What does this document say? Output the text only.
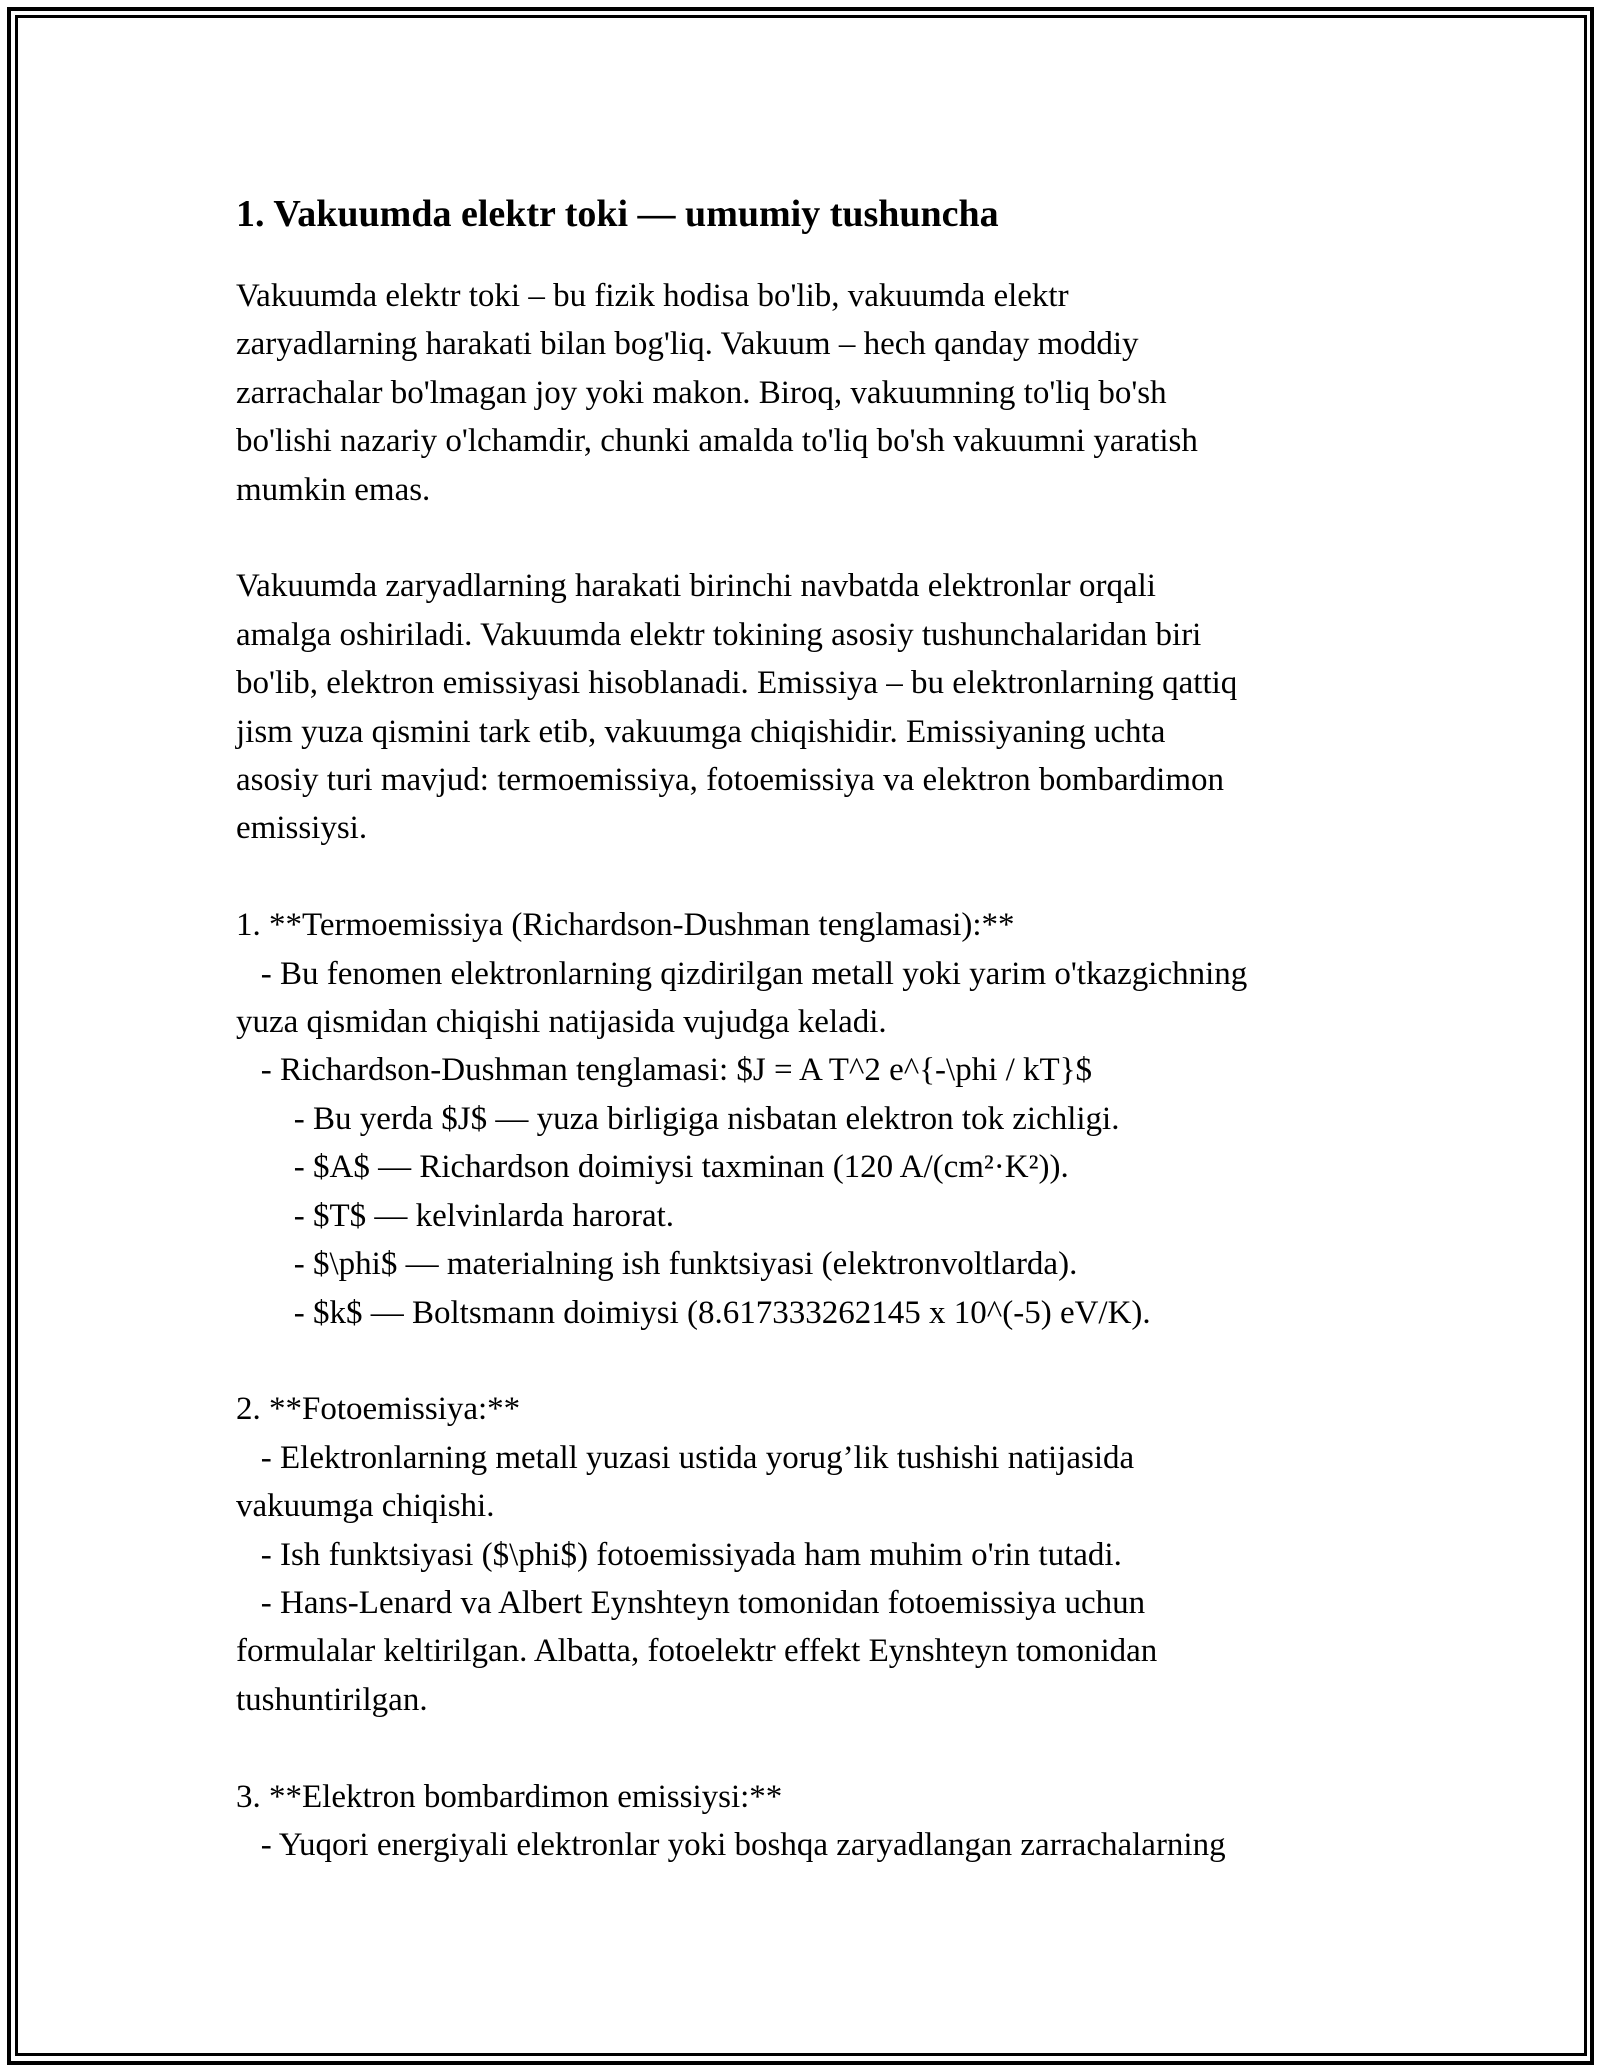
1. Vakuumda elektr toki — umumiy tushuncha
Vakuumda elektr toki – bu fizik hodisa bo'lib, vakuumda elektr
zaryadlarning harakati bilan bog'liq. Vakuum – hech qanday moddiy
zarrachalar bo'lmagan joy yoki makon. Biroq, vakuumning to'liq bo'sh
bo'lishi nazariy o'lchamdir, chunki amalda to'liq bo'sh vakuumni yaratish
mumkin emas.
Vakuumda zaryadlarning harakati birinchi navbatda elektronlar orqali
amalga oshiriladi. Vakuumda elektr tokining asosiy tushunchalaridan biri
bo'lib, elektron emissiyasi hisoblanadi. Emissiya – bu elektronlarning qattiq
jism yuza qismini tark etib, vakuumga chiqishidir. Emissiyaning uchta
asosiy turi mavjud: termoemissiya, fotoemissiya va elektron bombardimon
emissiysi.
1. **Termoemissiya (Richardson-Dushman tenglamasi):**
- Bu fenomen elektronlarning qizdirilgan metall yoki yarim o'tkazgichning
yuza qismidan chiqishi natijasida vujudga keladi.
- Richardson-Dushman tenglamasi: $J = A T^2 e^{-\phi / kT}$
- Bu yerda $J$ — yuza birligiga nisbatan elektron tok zichligi.
- $A$ — Richardson doimiysi taxminan (120 A/(cm²·K²)).
- $T$ — kelvinlarda harorat.
- $\phi$ — materialning ish funktsiyasi (elektronvoltlarda).
- $k$ — Boltsmann doimiysi (8.617333262145 x 10^(-5) eV/K).
2. **Fotoemissiya:**
- Elektronlarning metall yuzasi ustida yorug’lik tushishi natijasida
vakuumga chiqishi.
- Ish funktsiyasi ($\phi$) fotoemissiyada ham muhim o'rin tutadi.
- Hans-Lenard va Albert Eynshteyn tomonidan fotoemissiya uchun
formulalar keltirilgan. Albatta, fotoelektr effekt Eynshteyn tomonidan
tushuntirilgan.
3. **Elektron bombardimon emissiysi:**
- Yuqori energiyali elektronlar yoki boshqa zaryadlangan zarrachalarning
